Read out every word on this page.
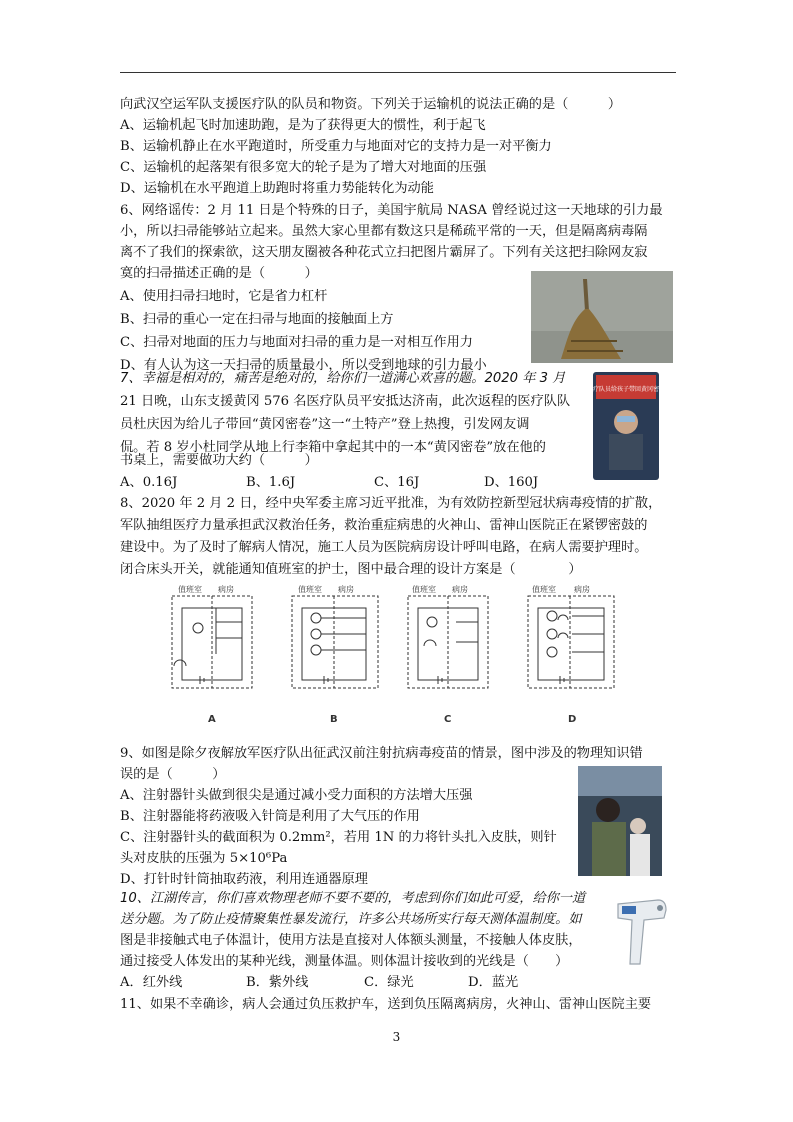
向武汉空运军队支援医疗队的队员和物资。下列关于运输机的说法正确的是（　　　）
A、运输机起飞时加速助跑，是为了获得更大的惯性，利于起飞
B、运输机静止在水平跑道时，所受重力与地面对它的支持力是一对平衡力
C、运输机的起落架有很多宽大的轮子是为了增大对地面的压强
D、运输机在水平跑道上助跑时将重力势能转化为动能
6、网络谣传：2 月 11 日是个特殊的日子，美国宇航局 NASA 曾经说过这一天地球的引力最
小，所以扫帚能够站立起来。虽然大家心里都有数这只是稀疏平常的一天，但是隔离病毒隔
离不了我们的探索欲，这天朋友圈被各种花式立扫把图片霸屏了。下列有关这把扫除网友寂
寞的扫帚描述正确的是（　　　）
A、使用扫帚扫地时，它是省力杠杆
B、扫帚的重心一定在扫帚与地面的接触面上方
C、扫帚对地面的压力与地面对扫帚的重力是一对相互作用力
D、有人认为这一天扫帚的质量最小，所以受到地球的引力最小
7、幸福是相对的，痛苦是绝对的，给你们一道满心欢喜的题。2020 年 3 月
21 日晚，山东支援黄冈 576 名医疗队员平安抵达济南，此次返程的医疗队队
员杜庆因为给儿子带回“黄冈密卷”这一“土特产”登上热搜，引发网友调
侃。若 8 岁小杜同学从地上行李箱中拿起其中的一本“黄冈密卷”放在他的
书桌上，需要做功大约（　　　）
A、0.16J	B、1.6J	C、16J	D、160J
医疗队员给孩子带回黄冈密卷
8、2020 年 2 月 2 日，经中央军委主席习近平批准，为有效防控新型冠状病毒疫情的扩散，
军队抽组医疗力量承担武汉救治任务，救治重症病患的火神山、雷神山医院正在紧锣密鼓的
建设中。为了及时了解病人情况，施工人员为医院病房设计呼叫电路，在病人需要护理时。
闭合床头开关，就能通知值班室的护士，图中最合理的设计方案是（　　　　）
值班室 病房
A
值班室 病房
B
值班室 病房
C
值班室 病房
D
9、如图是除夕夜解放军医疗队出征武汉前注射抗病毒疫苗的情景，图中涉及的物理知识错
误的是（　　　）
A、注射器针头做到很尖是通过减小受力面积的方法增大压强
B、注射器能将药液吸入针筒是利用了大气压的作用
C、注射器针头的截面积为 0.2mm²，若用 1N 的力将针头扎入皮肤，则针
头对皮肤的压强为 5×10⁶Pa
D、打针时针筒抽取药液，利用连通器原理
10、江湖传言，你们喜欢物理老师不要不要的，考虑到你们如此可爱，给你一道
送分题。为了防止疫情聚集性暴发流行，许多公共场所实行每天测体温制度。如
图是非接触式电子体温计，使用方法是直接对人体额头测量，不接触人体皮肤，
通过接受人体发出的某种光线，测量体温。则体温计接收到的光线是（　　）
A．红外线	B．紫外线	C．绿光	D．蓝光
11、如果不幸确诊，病人会通过负压救护车，送到负压隔离病房，火神山、雷神山医院主要
3
